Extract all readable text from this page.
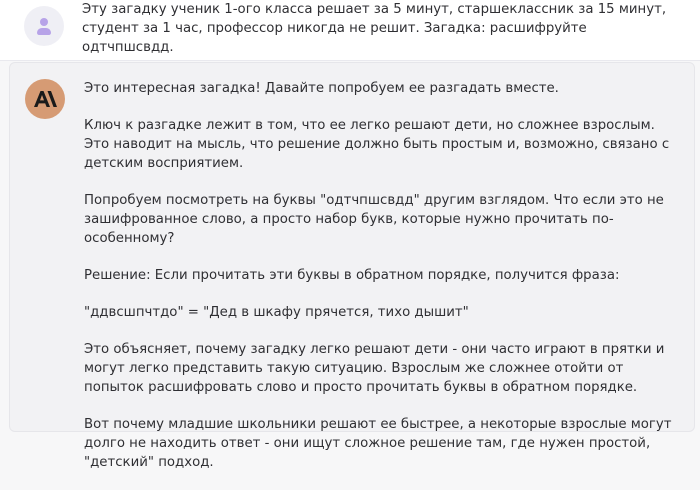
Эту загадку ученик 1-ого класса решает за 5 минут, старшеклассник за 15 минут, студент за 1 час, профессор никогда не решит. Загадка: расшифруйте одтчпшсвдд.

Это интересная загадка! Давайте попробуем ее разгадать вместе.

Ключ к разгадке лежит в том, что ее легко решают дети, но сложнее взрослым. Это наводит на мысль, что решение должно быть простым и, возможно, связано с детским восприятием.

Попробуем посмотреть на буквы "одтчпшсвдд" другим взглядом. Что если это не зашифрованное слово, а просто набор букв, которые нужно прочитать по-особенному?

Решение: Если прочитать эти буквы в обратном порядке, получится фраза:

"ддвсшпчтдо" = "Дед в шкафу прячется, тихо дышит"

Это объясняет, почему загадку легко решают дети - они часто играют в прятки и могут легко представить такую ситуацию. Взрослым же сложнее отойти от попыток расшифровать слово и просто прочитать буквы в обратном порядке.

Вот почему младшие школьники решают ее быстрее, а некоторые взрослые могут долго не находить ответ - они ищут сложное решение там, где нужен простой, "детский" подход.
